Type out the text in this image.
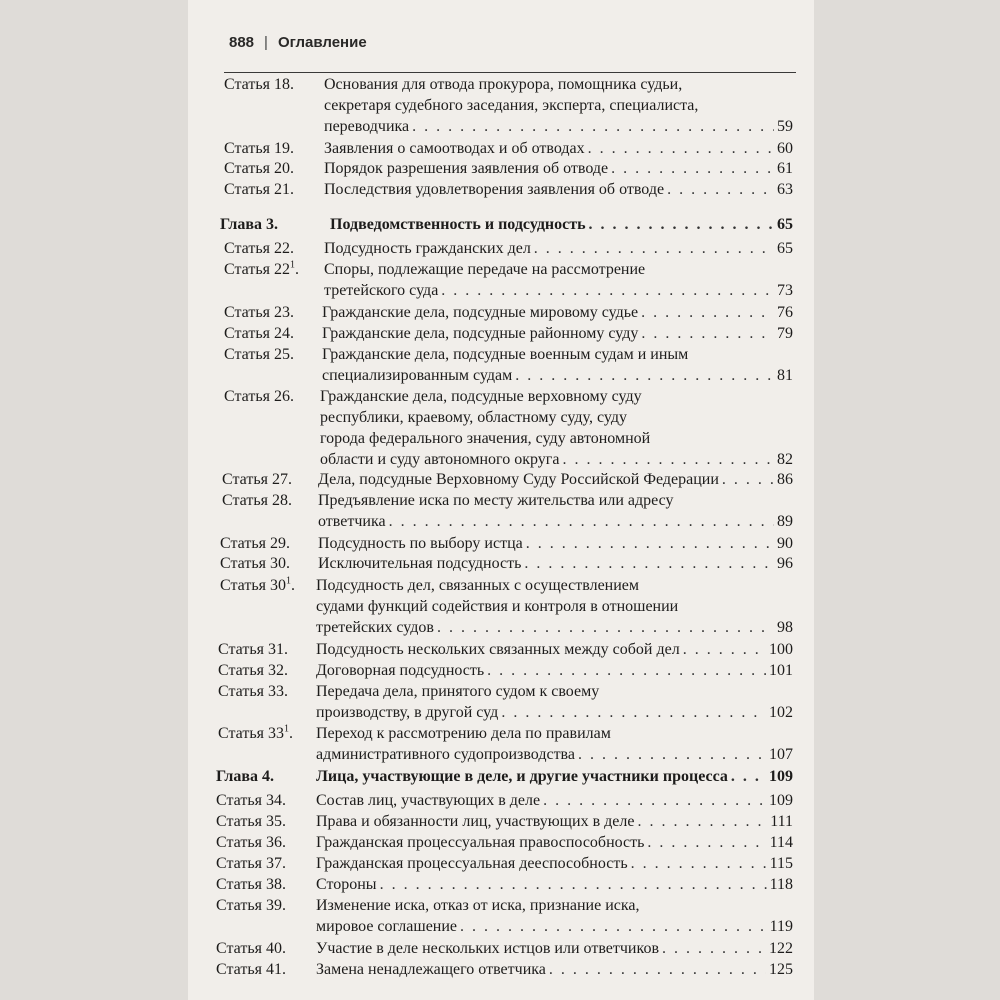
888 | Оглавление
Статья 18. Основания для отвода прокурора, помощника судьи,
секретаря судебного заседания, эксперта, специалиста,
переводчика . . .	59
Статья 19. Заявления о самоотводах и об отводах . . .	60
Статья 20. Порядок разрешения заявления об отводе . . .	61
Статья 21. Последствия удовлетворения заявления об отводе . . .	63
Глава 3.	Подведомственность и подсудность . . .	65
Статья 22. Подсудность гражданских дел . . .	65
Статья $22^1$. Споры, подлежащие передаче на рассмотрение
третейского суда . . .	73
Статья 23. Гражданские дела, подсудные мировому судье . . .	76
Статья 24. Гражданские дела, подсудные районному суду . . .	79
Статья 25. Гражданские дела, подсудные военным судам и иным
специализированным судам . . .	81
Статья 26. Гражданские дела, подсудные верховному суду
республики, краевому, областному суду, суду
города федерального значения, суду автономной
области и суду автономного округа . . .	82
Статья 27. Дела, подсудные Верховному Суду Российской Федерации . . .	86
Статья 28. Предъявление иска по месту жительства или адресу
ответчика . . .	89
Статья 29. Подсудность по выбору истца . . .	90
Статья 30. Исключительная подсудность . . .	96
Статья $30^1$. Подсудность дел, связанных с осуществлением
судами функций содействия и контроля в отношении
третейских судов . . .	98
Статья 31. Подсудность нескольких связанных между собой дел . . .	100
Статья 32. Договорная подсудность . . .	101
Статья 33. Передача дела, принятого судом к своему
производству, в другой суд . . .	102
Статья $33^1$. Переход к рассмотрению дела по правилам
административного судопроизводства . . .	107
Глава 4.	Лица, участвующие в деле, и другие участники процесса . . .	109
Статья 34. Состав лиц, участвующих в деле . . .	109
Статья 35. Права и обязанности лиц, участвующих в деле . . .	111
Статья 36. Гражданская процессуальная правоспособность . . .	114
Статья 37. Гражданская процессуальная дееспособность . . .	115
Статья 38. Стороны . . .	118
Статья 39. Изменение иска, отказ от иска, признание иска,
мировое соглашение . . .	119
Статья 40. Участие в деле нескольких истцов или ответчиков . . .	122
Статья 41. Замена ненадлежащего ответчика . . .	125
